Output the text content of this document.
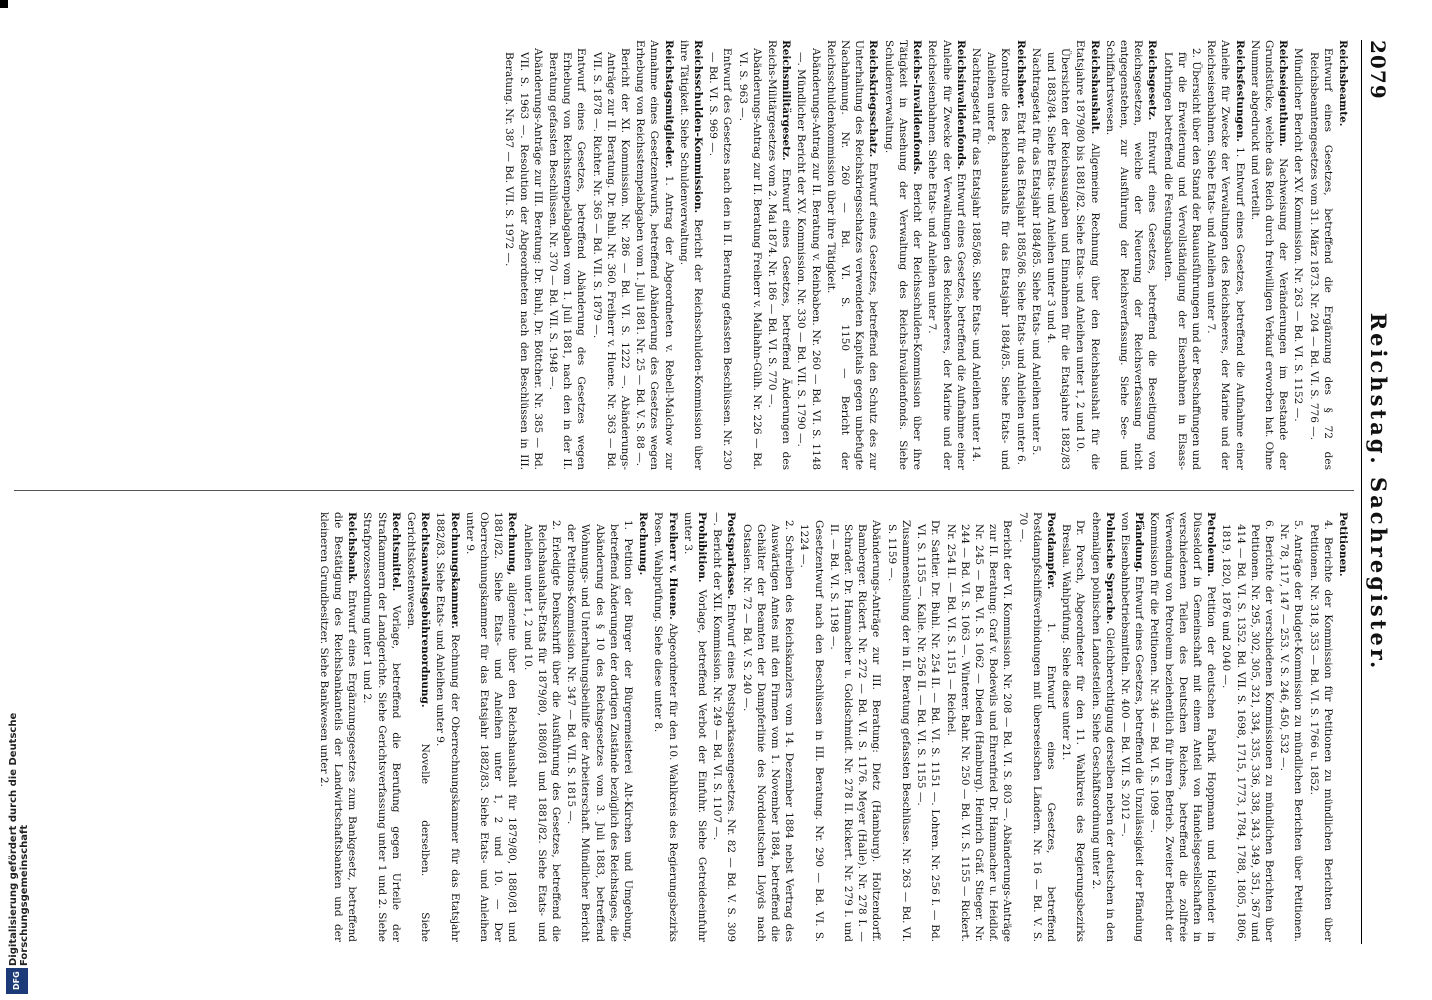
2079
Reichstag. Sachregister.
Reichsbeamte.
Entwurf eines Gesetzes, betreffend die Ergänzung des § 72 des Reichsbeamtengesetzes vom 31. März 1873. Nr. 204 — Bd. VI. S. 776 —.
Mündlicher Bericht der XV. Kommission. Nr. 263 — Bd. VI. S. 1152 —.
Reichseigenthum. Nachweisung der Veränderungen im Bestande der Grundstücke, welche das Reich durch freiwilligen Verkauf erworben hat. Ohne Nummer abgedruckt und verteilt.
Reichsfestungen. 1. Entwurf eines Gesetzes, betreffend die Aufnahme einer Anleihe für Zwecke der Verwaltungen des Reichsheeres, der Marine und der Reichseisenbahnen. Siehe Etats- und Anleihen unter 7.
2. Übersicht über den Stand der Bauausführungen und der Beschaffungen und für die Erweiterung und Vervollständigung der Eisenbahnen in Elsass-Lothringen betreffend die Festungsbauten.
Reichsgesetz. Entwurf eines Gesetzes, betreffend die Beseitigung von Reichsgesetzen, welche der Neuerung der Reichsverfassung nicht entgegenstehen, zur Ausführung der Reichsverfassung. Siehe See- und Schiffahrtswesen.
Reichshaushalt. Allgemeine Rechnung über den Reichshaushalt für die Etatsjahre 1879/80 bis 1881/82. Siehe Etats- und Anleihen unter 1, 2 und 10.
Übersichten der Reichsausgaben und Einnahmen für die Etatsjahre 1882/83 und 1883/84. Siehe Etats- und Anleihen unter 3 und 4.
Nachtragsetat für das Etatsjahr 1884/85. Siehe Etats- und Anleihen unter 5.
Reichsheer. Etat für das Etatsjahr 1885/86. Siehe Etats- und Anleihen unter 6.
Kontrolle des Reichshaushalts für das Etatsjahr 1884/85. Siehe Etats- und Anleihen unter 8.
Nachtragsetat für das Etatsjahr 1885/86. Siehe Etats- und Anleihen unter 14.
Reichsinvalidenfonds. Entwurf eines Gesetzes, betreffend die Aufnahme einer Anleihe für Zwecke der Verwaltungen des Reichsheeres, der Marine und der Reichseisenbahnen. Siehe Etats- und Anleihen unter 7.
Reichs-Invalidenfonds. Bericht der Reichsschulden-Kommission über ihre Tätigkeit in Ansehung der Verwaltung des Reichs-Invalidenfonds. Siehe Schuldenverwaltung.
Reichskriegsschatz. Entwurf eines Gesetzes, betreffend den Schutz des zur Unterhaltung des Reichskriegsschatzes verwendeten Kapitals gegen unbefugte Nachahmung. Nr. 260 — Bd. VI. S. 1150 — Bericht der Reichsschuldenkommission über ihre Tätigkeit.
Abänderungs-Antrag zur II. Beratung v. Reinbaben. Nr. 260 — Bd. VI. S. 1148 —. Mündlicher Bericht der XV. Kommission. Nr. 330 — Bd. VII. S. 1790 —.
Reichsmilitärgesetz. Entwurf eines Gesetzes, betreffend Änderungen des Reichs-Militärgesetzes vom 2. Mai 1874. Nr. 186 — Bd. VI. S. 770 —.
Abänderungs-Antrag zur II. Beratung Freiherr v. Malhahn-Gülh. Nr. 226 — Bd. VI. S. 963 —.
Entwurf des Gesetzes nach den in II. Beratung gefassten Beschlüssen. Nr. 230 — Bd. VI. S. 969 —.
Reichsschulden-Kommission. Bericht der Reichsschulden-Kommission über ihre Tätigkeit. Siehe Schuldenverwaltung.
Reichstagsmitglieder. 1. Antrag der Abgeordneten v. Rebell-Malchow zur Annahme eines Gesetzentwurfs, betreffend Abänderung des Gesetzes wegen Erhebung von Reichsstempelabgaben vom 1. Juli 1881. Nr. 25 — Bd. V. S. 88 —.
Bericht der XI. Kommission. Nr. 286 — Bd. VI. S. 1222 —. Abänderungs-Anträge zur II. Beratung. Dr. Buhl. Nr. 360. Freiherr v. Huene. Nr. 363 — Bd. VII. S. 1878 —. Richter. Nr. 365 — Bd. VII. S. 1879 —.
Entwurf eines Gesetzes, betreffend Abänderung des Gesetzes wegen Erhebung von Reichsstempelabgaben vom 1. Juli 1881, nach den in der II. Beratung gefassten Beschlüssen. Nr. 370 — Bd. VII. S. 1948 —.
Abänderungs-Anträge zur III. Beratung: Dr. Buhl, Dr. Böttcher. Nr. 385 — Bd. VII. S. 1963 —. Resolution der Abgeordneten nach den Beschlüssen in III. Beratung. Nr. 387 — Bd. VII. S. 1972 —.
Petitionen.
4. Berichte der Kommission für Petitionen zu mündlichen Berichten über Petitionen. Nr. 318, 353 — Bd. VI. S. 1766 u. 1852.
5. Anträge der Budget-Kommission zu mündlichen Berichten über Petitionen. Nr. 78, 117, 147 — 253. V. S. 246, 450, 532 —.
6. Berichte der verschiedenen Kommissionen zu mündlichen Berichten über Petitionen. Nr. 295, 302, 305, 321, 334, 335, 336, 338, 343, 349, 351, 367 und 414 — Bd. VI. S. 1352. Bd. VII. S. 1698, 1715, 1773, 1784, 1788, 1805, 1806, 1819, 1820, 1876 und 2040 —.
Petroleum. Petition der deutschen Fabrik Hoppmann und Hollender in Düsseldorf in Gemeinschaft mit einem Anteil von Handelsgesellschaften in verschiedenen Teilen des Deutschen Reiches, betreffend die zollfreie Verwendung von Petroleum beziehentlich für ihren Betrieb. Zweiter Bericht der Kommission für die Petitionen. Nr. 346 — Bd. VI. S. 1098 —.
Pfändung. Entwurf eines Gesetzes, betreffend die Unzulässigkeit der Pfändung von Eisenbahnbetriebsmitteln. Nr. 400 — Bd. VII. S. 2012 —.
Polnische Sprache. Gleichberechtigung derselben neben der deutschen in den ehemaligen polnischen Landesteilen. Siehe Geschäftsordnung unter 2.
Dr. Porsch, Abgeordneter für den 11. Wahlkreis des Regierungsbezirks Breslau. Wahlprüfung. Siehe diese unter 21.
Postdampfer. 1. Entwurf eines Gesetzes, betreffend Postdampfschiffsverbindungen mit überseeischen Ländern. Nr. 16 — Bd. V. S. 70 —.
Bericht der VI. Kommission. Nr. 208 — Bd. VI. S. 803 —. Abänderungs-Anträge zur II. Beratung: Graf v. Bodewils und Ehrenfried Dr. Hammacher u. Heidlof. Nr. 245 — Bd. VI. S. 1062 — Dieden (Hamburg). Heinrich Gräf. Stieger. Nr. 244 — Bd. VI. S. 1063 —. Winterer. Bahr. Nr. 250 — Bd. VI. S. 1155 — Rickert. Nr. 254 II. — Bd. VI. S. 1151 — Reichel.
Dr. Sattler. Dr. Buhl. Nr. 254 II. — Bd. VI. S. 1151 —. Lohren. Nr. 256 I. — Bd. VI. S. 1155 —. Kalle. Nr. 256 II. — Bd. VI. S. 1155 —.
Zusammenstellung der in II. Beratung gefassten Beschlüsse. Nr. 263 — Bd. VI. S. 1159 —.
Abänderungs-Anträge zur III. Beratung: Dietz (Hamburg). Holtzendorff. Bamberger. Rickert. Nr. 272 — Bd. VI. S. 1176. Meyer (Halle). Nr. 278 I. — Schrader. Dr. Hammacher u. Goldschmidt. Nr. 278 II. Rickert. Nr. 279 I. und II. — Bd. VI. S. 1198 —.
Gesetzentwurf nach den Beschlüssen in III. Beratung. Nr. 290 — Bd. VI. S. 1224 —.
2. Schreiben des Reichskanzlers vom 14. Dezember 1884 nebst Vertrag des Auswärtigen Amtes mit den Firmen vom 1. November 1884, betreffend die Gehälter der Beamten der Dampferlinie des Norddeutschen Lloyds nach Ostasien. Nr. 72 — Bd. V. S. 240 —.
Postsparkasse. Entwurf eines Postsparkassengesetzes. Nr. 82 — Bd. V. S. 309 —. Bericht der XII. Kommission. Nr. 249 — Bd. VI. S. 1107 —.
Prohibition. Vorlage, betreffend Verbot der Einfuhr. Siehe Getreideeinfuhr unter 3.
Freiherr v. Huene. Abgeordneter für den 10. Wahlkreis des Regierungsbezirks Posen. Wahlprüfung. Siehe diese unter 8.
Rechnung.
1. Petition der Bürger der Bürgermeisterei Alt-Kirchen und Umgebung, betreffend Änderungen der dortigen Zustände bezüglich des Reichstages, die Abänderung des § 10 des Reichsgesetzes vom 3. Juli 1883, betreffend Wohnungs- und Unterhaltungsbeihilfe der Arbeiterschaft. Mündlicher Bericht der Petitions-Kommission. Nr. 347 — Bd. VII. S. 1815 —.
2. Erledigte Denkschrift über die Ausführung des Gesetzes, betreffend die Reichshaushalts-Etats für 1879/80, 1880/81 und 1881/82. Siehe Etats- und Anleihen unter 1, 2 und 10.
Rechnung, allgemeine über den Reichshaushalt für 1879/80, 1880/81 und 1881/82. Siehe Etats- und Anleihen unter 1, 2 und 10. — Der Oberrechnungskammer für das Etatsjahr 1882/83. Siehe Etats- und Anleihen unter 9.
Rechnungskammer. Rechnung der Oberrechnungskammer für das Etatsjahr 1882/83. Siehe Etats- und Anleihen unter 9.
Rechtsanwaltsgebührenordnung. Novelle derselben. Siehe Gerichtskostenwesen.
Rechtsmittel. Vorlage, betreffend die Berufung gegen Urteile der Strafkammern der Landgerichte. Siehe Gerichtsverfassung unter 1 und 2. Siehe Strafprozessordnung unter 1 und 2.
Reichsbank. Entwurf eines Ergänzungsgesetzes zum Bankgesetz, betreffend die Bestätigung des Reichsbankanteils der Landwirtschaftsbanken und der kleineren Grundbesitzer. Siehe Bankwesen unter 2.
Digitalisierung gefördert durch die Deutsche Forschungsgemeinschaft
DFG
